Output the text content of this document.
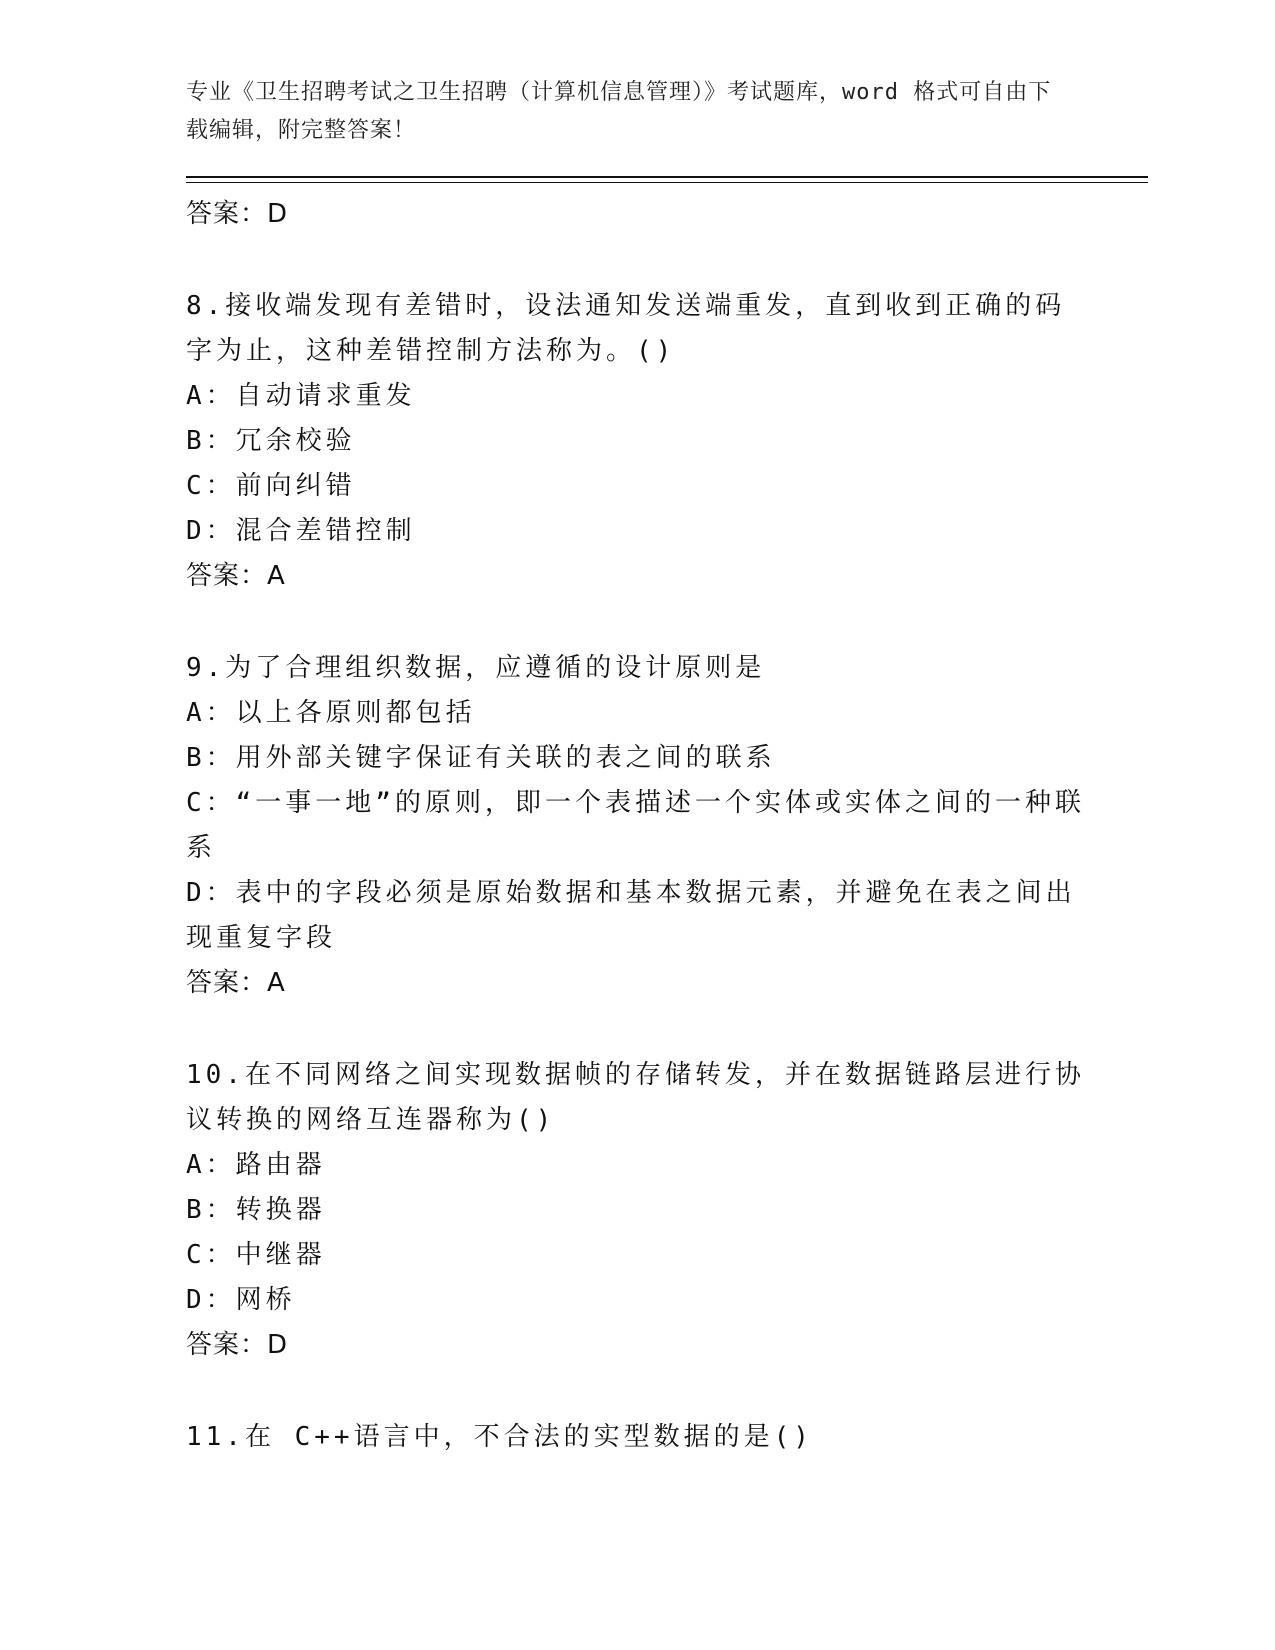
专业《卫生招聘考试之卫生招聘（计算机信息管理）》考试题库，word 格式可自由下载编辑，附完整答案！

答案：D

8.接收端发现有差错时，设法通知发送端重发，直到收到正确的码字为止，这种差错控制方法称为。()

A：自动请求重发

B：冗余校验

C：前向纠错

D：混合差错控制

答案：A

9.为了合理组织数据，应遵循的设计原则是

A：以上各原则都包括

B：用外部关键字保证有关联的表之间的联系

C：“一事一地”的原则，即一个表描述一个实体或实体之间的一种联系

D：表中的字段必须是原始数据和基本数据元素，并避免在表之间出现重复字段

答案：A

10.在不同网络之间实现数据帧的存储转发，并在数据链路层进行协议转换的网络互连器称为()

A：路由器

B：转换器

C：中继器

D：网桥

答案：D

11.在 C++语言中，不合法的实型数据的是()
